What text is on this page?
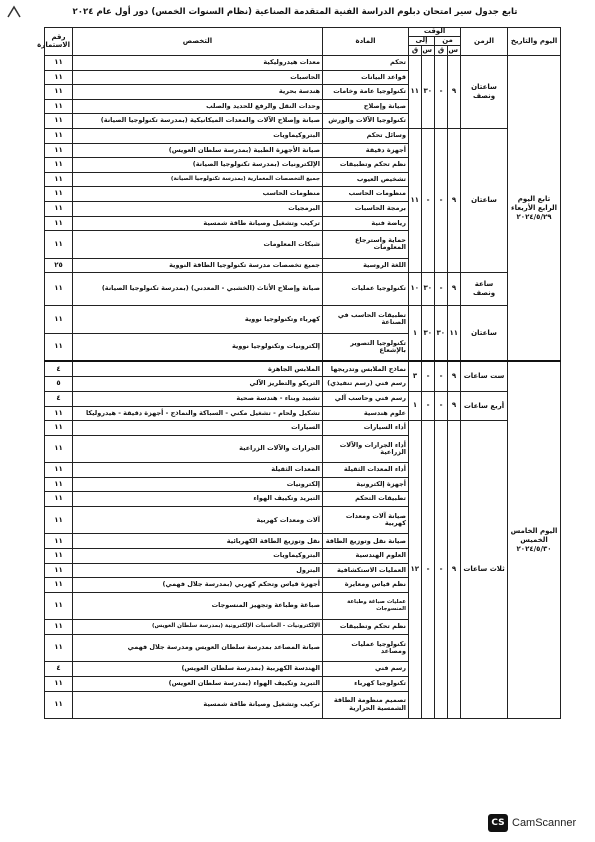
تابع جدول سير امتحان دبلوم الدراسة الفنية المتقدمة الصناعية (نظام السنوات الخمس) دور أول عام ٢٠٢٤
اليوم والتاريخ	الزمن	الوقت				المادة	التخصص	رقم الاستمارة
		من		إلى				
		س	ق	س	ق			
تابع اليوم الرابع الأربعاء ٢٠٢٤/٥/٢٩	ساعتان ونصف	٩	-	٣٠	١١	تحكم	معدات هيدروليكية	١١
						قواعد البيانات	الحاسبات	١١
						تكنولوجيا عامة وخامات	هندسة بحرية	١١
						صيانة وإصلاح	وحدات النقل والرفع للحديد والصلب	١١
						تكنولوجيا الآلات والورش	صيانة وإصلاح الآلات والمعدات الميكانيكية (بمدرسة تكنولوجيا الصيانة)	١١
	ساعتان	٩	-	-	١١	وسائل تحكم	البتروكيماويات	١١
						أجهزة دقيقة	صيانة الأجهزة الطبية (بمدرسة سلطان العويس)	١١
						نظم تحكم وتطبيقات	الإلكترونيات (بمدرسة تكنولوجيا الصيانة)	١١
						تشخيص العيوب	جميع التخصصات المعمارية (بمدرسة تكنولوجيا الصيانة)	١١
						منظومات الحاسب	منظومات الحاسب	١١
						برمجة الحاسبات	البرمجيات	١١
						رياضة فنية	تركيب وتشغيل وصيانة طاقة شمسية	١١
						حماية واسترجاع المعلومات	شبكات المعلومات	١١
						اللغة الروسية	جميع تخصصات مدرسة تكنولوجيا الطاقة النووية	٢٥
	ساعة ونصف	٩	-	٣٠	١٠	تكنولوجيا عمليات	صيانة وإصلاح الأثاث (الخشبي - المعدني) (بمدرسة تكنولوجيا الصيانة)	١١
	ساعتان	١١	٣٠	٣٠	١	تطبيقات الحاسب في الصناعة	كهرباء وتكنولوجيا نووية	١١
						تكنولوجيا التصوير بالإشعاع	إلكترونيات وتكنولوجيا نووية	١١
اليوم الخامس الخميس ٢٠٢٤/٥/٣٠	ست ساعات	٩	-	-	٣	نماذج الملابس وتدريجها	الملابس الجاهزة	٤
						رسم فني (رسم تنفيذي)	التريكو والتطريز الآلي	٥
	أربع ساعات	٩	-	-	١	رسم فني وحاسب آلي	تشييد وبناء - هندسة صحية	٤
						علوم هندسية	تشكيل ولحام - تشغيل مكني - السباكة والنماذج - أجهزة دقيقة - هيدروليكا	١١
	ثلاث ساعات	٩	-	-	١٢	أداء السيارات	السيارات	١١
						أداء الجرارات والآلات الزراعية	الجرارات والآلات الزراعية	١١
						أداء المعدات الثقيلة	المعدات الثقيلة	١١
						أجهزة إلكترونية	إلكترونيات	١١
						تطبيقات التحكم	التبريد وتكييف الهواء	١١
						صيانة آلات ومعدات كهربية	آلات ومعدات كهربية	١١
						صيانة نقل وتوزيع الطاقة	نقل وتوزيع الطاقة الكهربائية	١١
						العلوم الهندسية	البتروكيماويات	١١
						العمليات الاستكشافية	البترول	١١
						نظم قياس ومعايرة	أجهزة قياس وتحكم كهربي (بمدرسة جلال فهمي)	١١
						عمليات صباغة وطباعة المنسوجات	صباغة وطباعة وتجهيز المنسوجات	١١
						نظم تحكم وتطبيقات	الإلكترونيات - الحاسبات الإلكترونية (بمدرسة سلطان العويس)	١١
						تكنولوجيا عمليات ومصاعد	صيانة المصاعد بمدرسة سلطان العويس ومدرسة جلال فهمي	١١
						رسم فني	الهندسة الكهربية (بمدرسة سلطان العويس)	٤
						تكنولوجيا كهرباء	التبريد وتكييف الهواء (بمدرسة سلطان العويس)	١١
						تصميم منظومة الطاقة الشمسية الحرارية	تركيب وتشغيل وصيانة طاقة شمسية	١١
CS CamScanner
